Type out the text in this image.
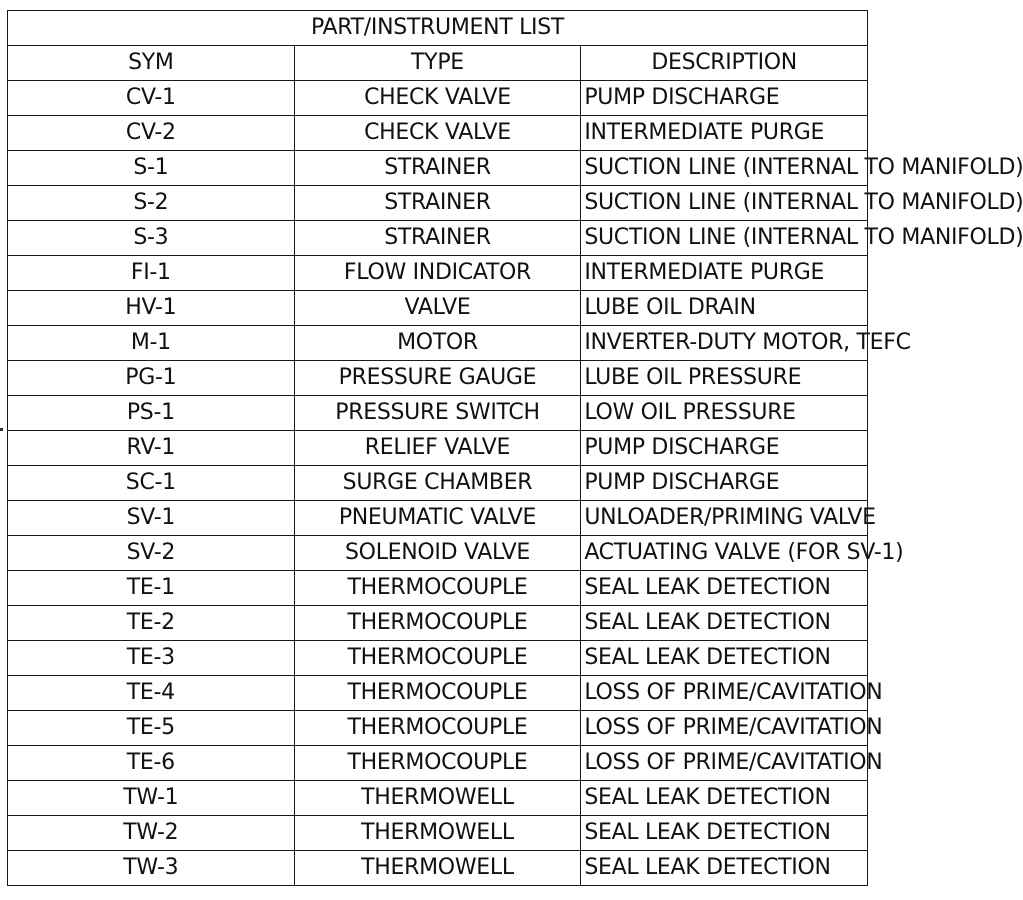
PART/INSTRUMENT LIST		
SYM	TYPE	DESCRIPTION
CV-1	CHECK VALVE	PUMP DISCHARGE
CV-2	CHECK VALVE	INTERMEDIATE PURGE
S-1	STRAINER	SUCTION LINE (INTERNAL TO MANIFOLD)
S-2	STRAINER	SUCTION LINE (INTERNAL TO MANIFOLD)
S-3	STRAINER	SUCTION LINE (INTERNAL TO MANIFOLD)
FI-1	FLOW INDICATOR	INTERMEDIATE PURGE
HV-1	VALVE	LUBE OIL DRAIN
M-1	MOTOR	INVERTER-DUTY MOTOR, TEFC
PG-1	PRESSURE GAUGE	LUBE OIL PRESSURE
PS-1	PRESSURE SWITCH	LOW OIL PRESSURE
RV-1	RELIEF VALVE	PUMP DISCHARGE
SC-1	SURGE CHAMBER	PUMP DISCHARGE
SV-1	PNEUMATIC VALVE	UNLOADER/PRIMING VALVE
SV-2	SOLENOID VALVE	ACTUATING VALVE (FOR SV-1)
TE-1	THERMOCOUPLE	SEAL LEAK DETECTION
TE-2	THERMOCOUPLE	SEAL LEAK DETECTION
TE-3	THERMOCOUPLE	SEAL LEAK DETECTION
TE-4	THERMOCOUPLE	LOSS OF PRIME/CAVITATION
TE-5	THERMOCOUPLE	LOSS OF PRIME/CAVITATION
TE-6	THERMOCOUPLE	LOSS OF PRIME/CAVITATION
TW-1	THERMOWELL	SEAL LEAK DETECTION
TW-2	THERMOWELL	SEAL LEAK DETECTION
TW-3	THERMOWELL	SEAL LEAK DETECTION
